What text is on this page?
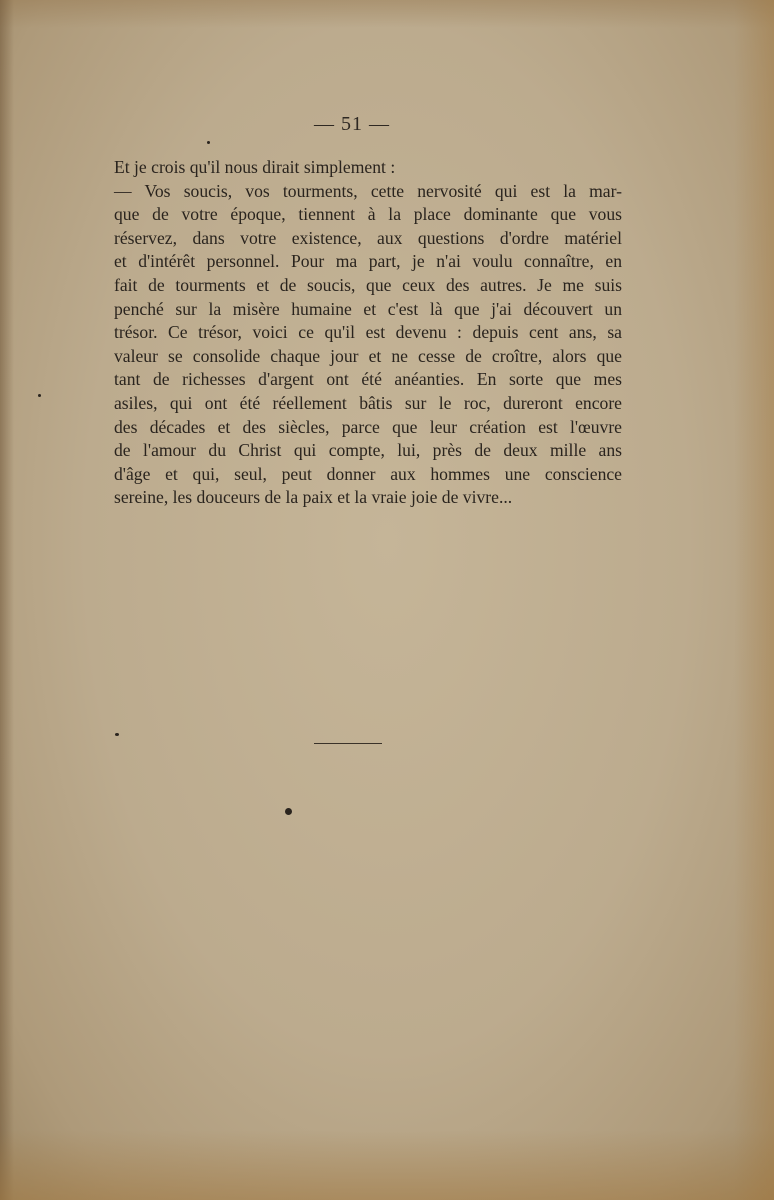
— 51 —
Et je crois qu'il nous dirait simplement :
— Vos soucis, vos tourments, cette nervosité qui est la mar-
que de votre époque, tiennent à la place dominante que vous
réservez, dans votre existence, aux questions d'ordre matériel
et d'intérêt personnel. Pour ma part, je n'ai voulu connaître, en
fait de tourments et de soucis, que ceux des autres. Je me suis
penché sur la misère humaine et c'est là que j'ai découvert un
trésor. Ce trésor, voici ce qu'il est devenu : depuis cent ans, sa
valeur se consolide chaque jour et ne cesse de croître, alors que
tant de richesses d'argent ont été anéanties. En sorte que mes
asiles, qui ont été réellement bâtis sur le roc, dureront encore
des décades et des siècles, parce que leur création est l'œuvre
de l'amour du Christ qui compte, lui, près de deux mille ans
d'âge et qui, seul, peut donner aux hommes une conscience
sereine, les douceurs de la paix et la vraie joie de vivre...
